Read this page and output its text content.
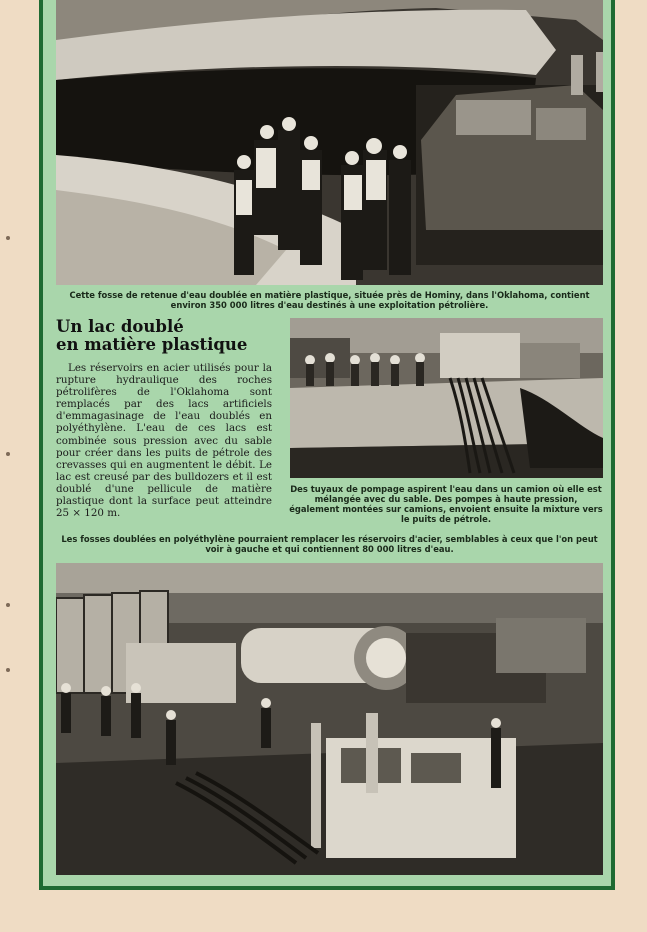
Cette fosse de retenue d'eau doublée en matière plastique, située près de Hominy, dans l'Oklahoma, contient environ 350 000 litres d'eau destinés à une exploitation pétrolière.
Un lac doublé
en matière plastique

Les réservoirs en acier utilisés pour la rupture hydraulique des roches pétrolifères de l'Oklahoma sont remplacés par des lacs artificiels d'emmagasinage de l'eau doublés en polyéthylène. L'eau de ces lacs est combinée sous pression avec du sable pour créer dans les puits de pétrole des crevasses qui en augmentent le débit. Le lac est creusé par des bulldozers et il est doublé d'une pellicule de matière plastique dont la surface peut atteindre 25 × 120 m.

Des tuyaux de pompage aspirent l'eau dans un camion où elle est mélangée avec du sable. Des pompes à haute pression, également montées sur camions, envoient ensuite la mixture vers le puits de pétrole.
Les fosses doublées en polyéthylène pourraient remplacer les réservoirs d'acier, semblables à ceux que l'on peut voir à gauche et qui contiennent 80 000 litres d'eau.
